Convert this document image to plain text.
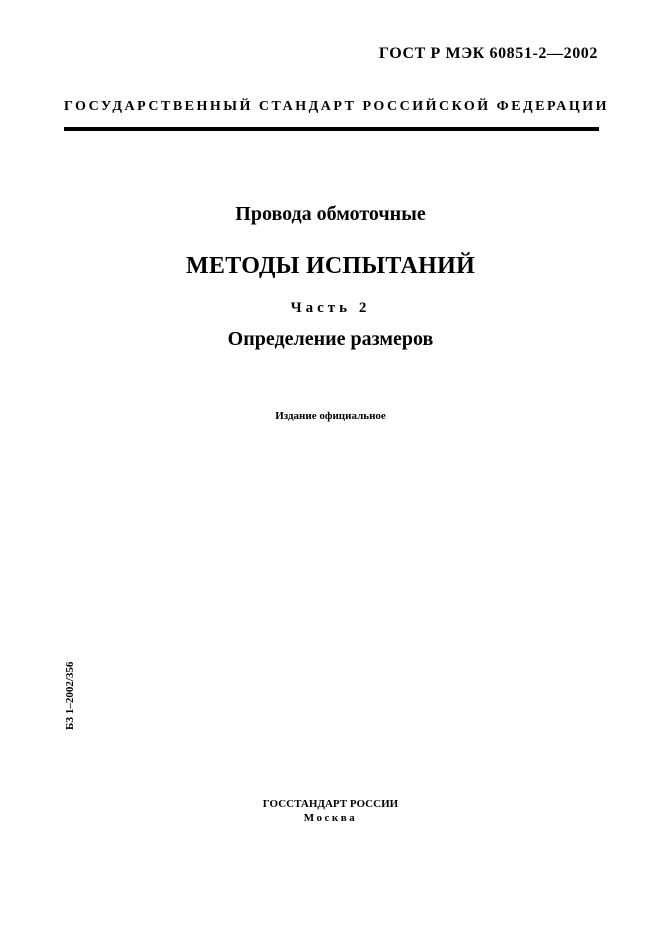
ГОСТ Р МЭК 60851-2—2002
ГОСУДАРСТВЕННЫЙ СТАНДАРТ РОССИЙСКОЙ ФЕДЕРАЦИИ
Провода обмоточные
МЕТОДЫ ИСПЫТАНИЙ
Часть 2
Определение размеров
Издание официальное
БЗ 1–2002/356
ГОССТАНДАРТ РОССИИ
Москва
